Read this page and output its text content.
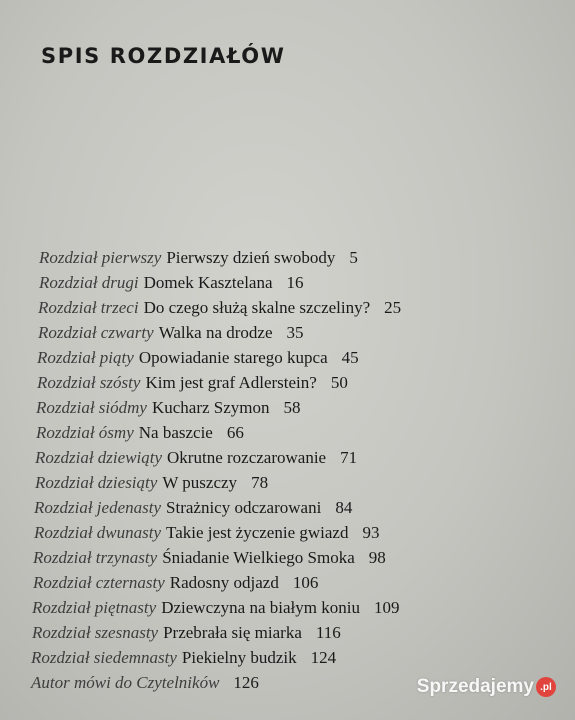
SPIS ROZDZIAŁÓW
Rozdział pierwszy Pierwszy dzień swobody 5
Rozdział drugi Domek Kasztelana 16
Rozdział trzeci Do czego służą skalne szczeliny? 25
Rozdział czwarty Walka na drodze 35
Rozdział piąty Opowiadanie starego kupca 45
Rozdział szósty Kim jest graf Adlerstein? 50
Rozdział siódmy Kucharz Szymon 58
Rozdział ósmy Na baszcie 66
Rozdział dziewiąty Okrutne rozczarowanie 71
Rozdział dziesiąty W puszczy 78
Rozdział jedenasty Strażnicy odczarowani 84
Rozdział dwunasty Takie jest życzenie gwiazd 93
Rozdział trzynasty Śniadanie Wielkiego Smoka 98
Rozdział czternasty Radosny odjazd 106
Rozdział piętnasty Dziewczyna na białym koniu 109
Rozdział szesnasty Przebrała się miarka 116
Rozdział siedemnasty Piekielny budzik 124
Autor mówi do Czytelników 126	Sprzedajemy .pl
